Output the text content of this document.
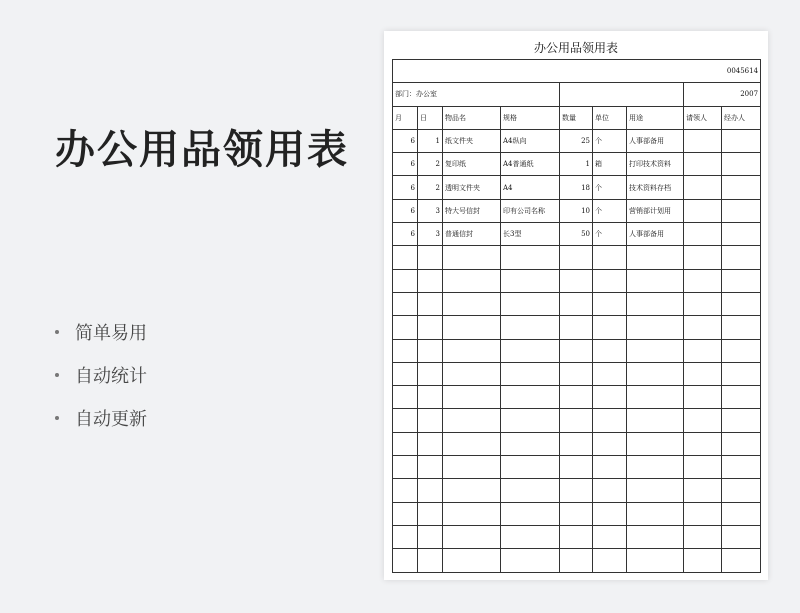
办公用品领用表
简单易用
自动统计
自动更新
办公用品领用表
0045614								
部门：办公室							2007	
月	日	物品名	规格	数量	单位	用途	请领人	经办人
6	1	纸文件夹	A4纵向	25	个	人事部备用		
6	2	复印纸	A4普通纸	1	箱	打印技术资料		
6	2	透明文件夹	A4	18	个	技术资料存档		
6	3	特大号信封	印有公司名称	10	个	营销部计划用		
6	3	普通信封	长3型	50	个	人事部备用		
